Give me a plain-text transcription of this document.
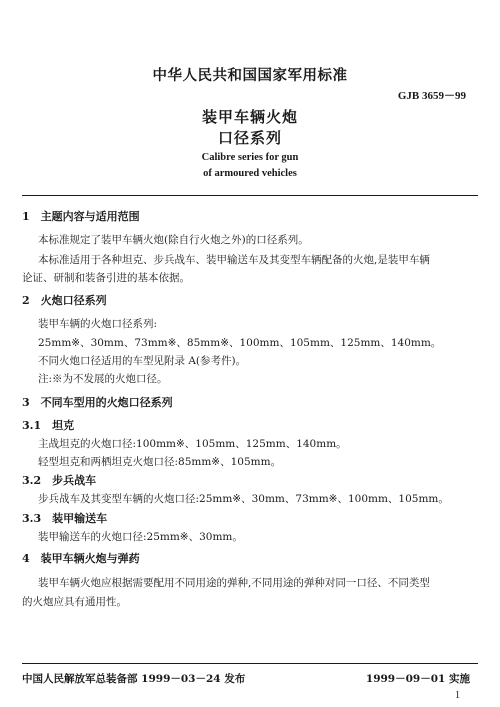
中华人民共和国国家军用标准
GJB 3659－99
装甲车辆火炮
口径系列
Calibre series for gun
of armoured vehicles
1　主题内容与适用范围
本标准规定了装甲车辆火炮(除自行火炮之外)的口径系列。
本标准适用于各种坦克、步兵战车、装甲输送车及其变型车辆配备的火炮,是装甲车辆
论证、研制和装备引进的基本依据。
2　火炮口径系列
装甲车辆的火炮口径系列:
25mm※、30mm、73mm※、85mm※、100mm、105mm、125mm、140mm。
不同火炮口径适用的车型见附录 A(参考件)。
注:※为不发展的火炮口径。
3　不同车型用的火炮口径系列
3.1　坦克
主战坦克的火炮口径:100mm※、105mm、125mm、140mm。
轻型坦克和两栖坦克火炮口径:85mm※、105mm。
3.2　步兵战车
步兵战车及其变型车辆的火炮口径:25mm※、30mm、73mm※、100mm、105mm。
3.3　装甲输送车
装甲输送车的火炮口径:25mm※、30mm。
4　装甲车辆火炮与弹药
装甲车辆火炮应根据需要配用不同用途的弹种,不同用途的弹种对同一口径、不同类型
的火炮应具有通用性。
中国人民解放军总装备部 1999－03－24 发布	1999－09－01 实施
1
